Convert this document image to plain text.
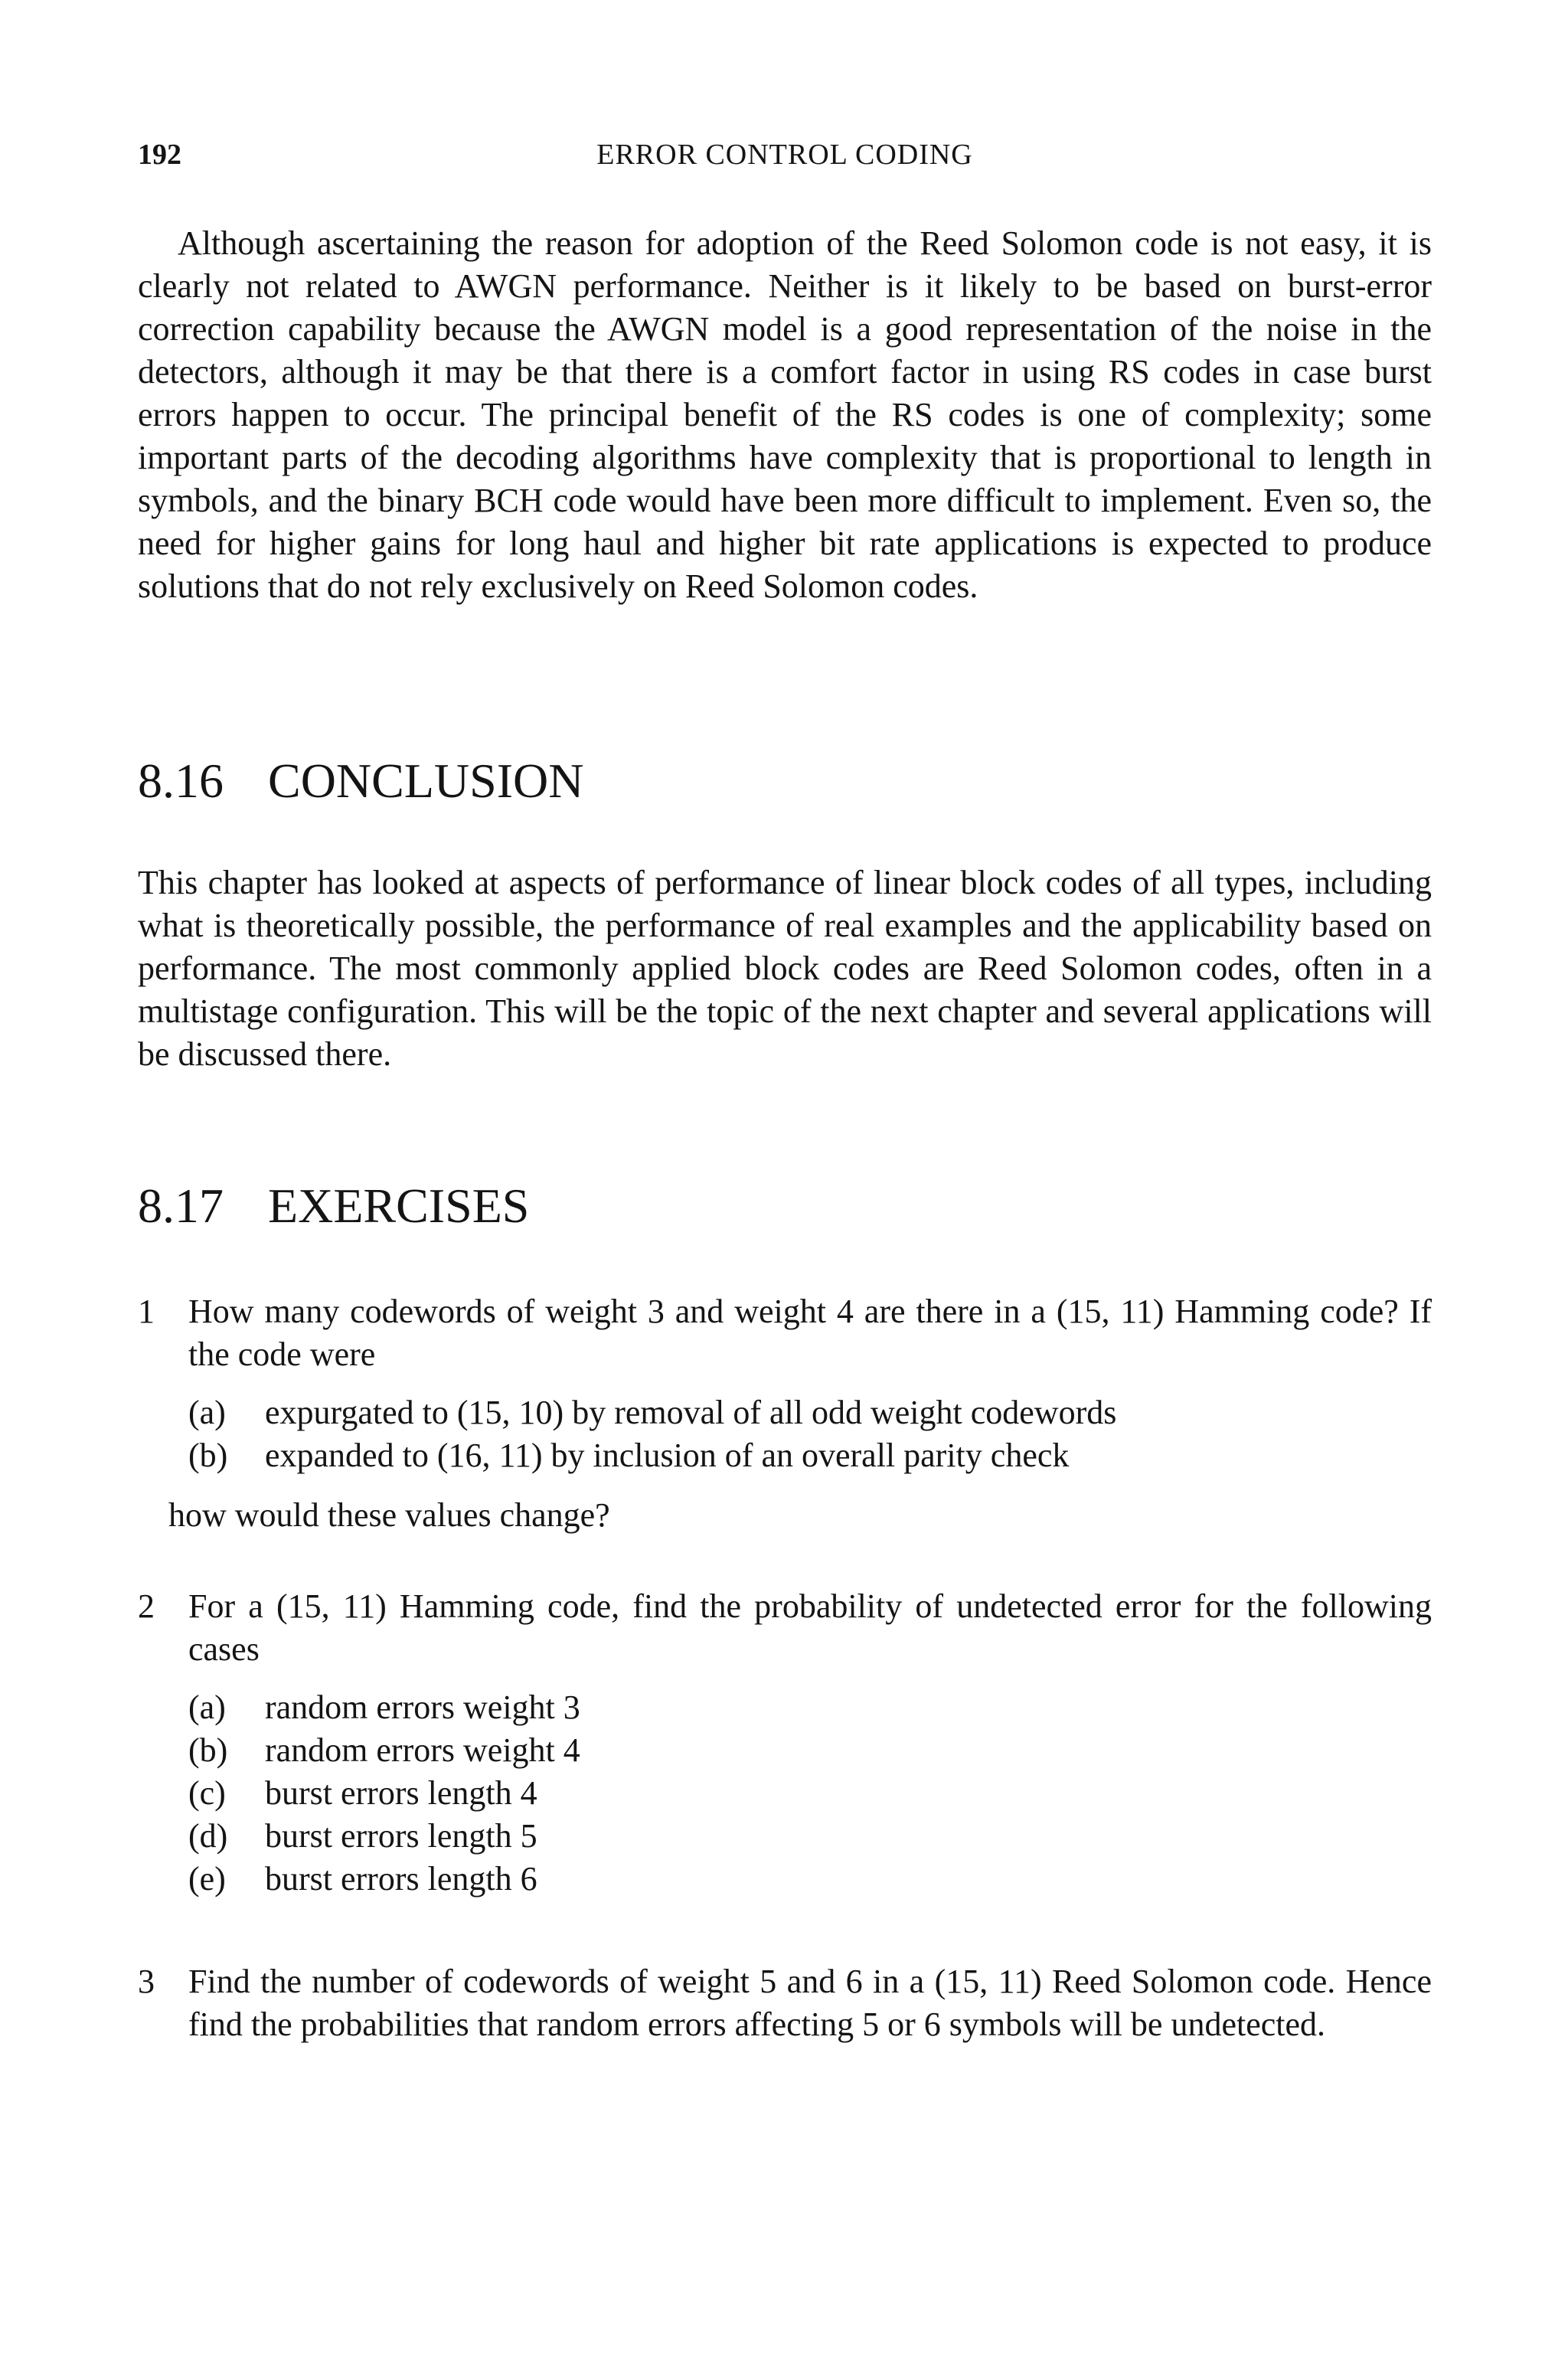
192	ERROR CONTROL CODING

Although ascertaining the reason for adoption of the Reed Solomon code is not easy, it is clearly not related to AWGN performance. Neither is it likely to be based on burst-error correction capability because the AWGN model is a good representation of the noise in the detectors, although it may be that there is a comfort factor in using RS codes in case burst errors happen to occur. The principal benefit of the RS codes is one of complexity; some important parts of the decoding algorithms have complexity that is proportional to length in symbols, and the binary BCH code would have been more difficult to implement. Even so, the need for higher gains for long haul and higher bit rate applications is expected to produce solutions that do not rely exclusively on Reed Solomon codes.

8.16 CONCLUSION

This chapter has looked at aspects of performance of linear block codes of all types, including what is theoretically possible, the performance of real examples and the applicability based on performance. The most commonly applied block codes are Reed Solomon codes, often in a multistage configuration. This will be the topic of the next chapter and several applications will be discussed there.

8.17 EXERCISES
1	How many codewords of weight 3 and weight 4 are there in a (15, 11) Hamming code? If the code were
(a)	expurgated to (15, 10) by removal of all odd weight codewords
(b)	expanded to (16, 11) by inclusion of an overall parity check
how would these values change?
2	For a (15, 11) Hamming code, find the probability of undetected error for the following cases
(a)	random errors weight 3
(b)	random errors weight 4
(c)	burst errors length 4
(d)	burst errors length 5
(e)	burst errors length 6
3	Find the number of codewords of weight 5 and 6 in a (15, 11) Reed Solomon code. Hence find the probabilities that random errors affecting 5 or 6 symbols will be undetected.
